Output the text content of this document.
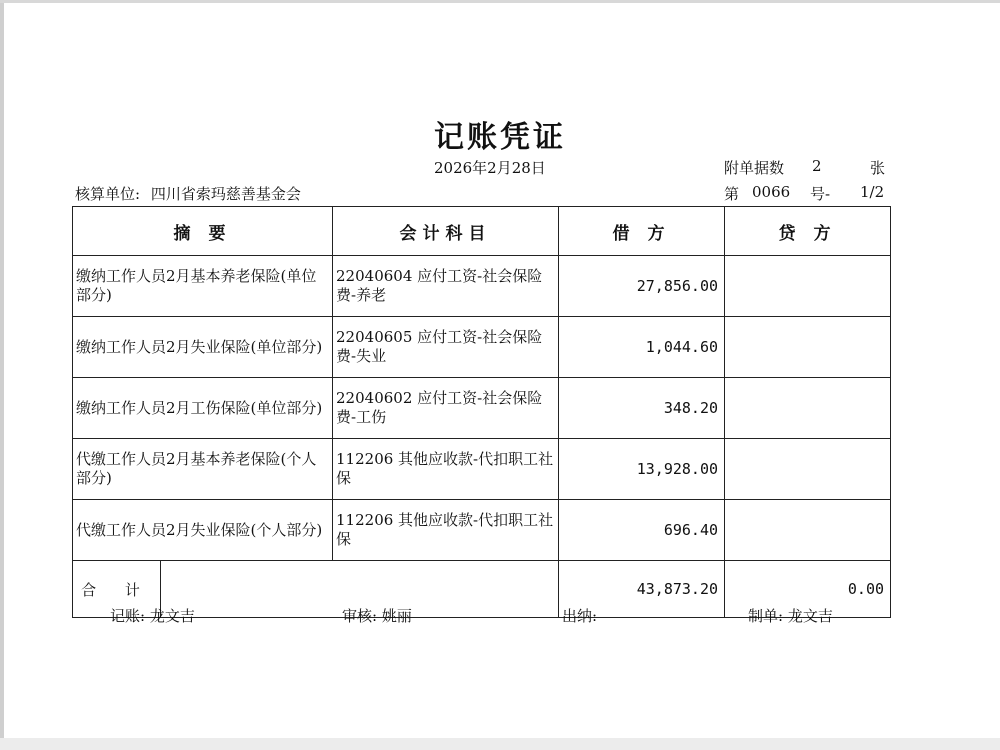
记账凭证
2026年2月28日
核算单位: 四川省索玛慈善基金会
附单据数 2	张
第 0066 号- 1/2
摘 要		会计科目	借 方	贷 方
缴纳工作人员2月基本养老保险(单位部分)		22040604 应付工资-社会保险费-养老	27,856.00	
缴纳工作人员2月失业保险(单位部分)		22040605 应付工资-社会保险费-失业	1,044.60	
缴纳工作人员2月工伤保险(单位部分)		22040602 应付工资-社会保险费-工伤	348.20	
代缴工作人员2月基本养老保险(个人部分)		112206 其他应收款-代扣职工社保	13,928.00	
代缴工作人员2月失业保险(个人部分)		112206 其他应收款-代扣职工社保	696.40	
合 计			43,873.20	0.00
记账: 龙文吉	审核: 姚丽	出纳:	制单: 龙文吉
